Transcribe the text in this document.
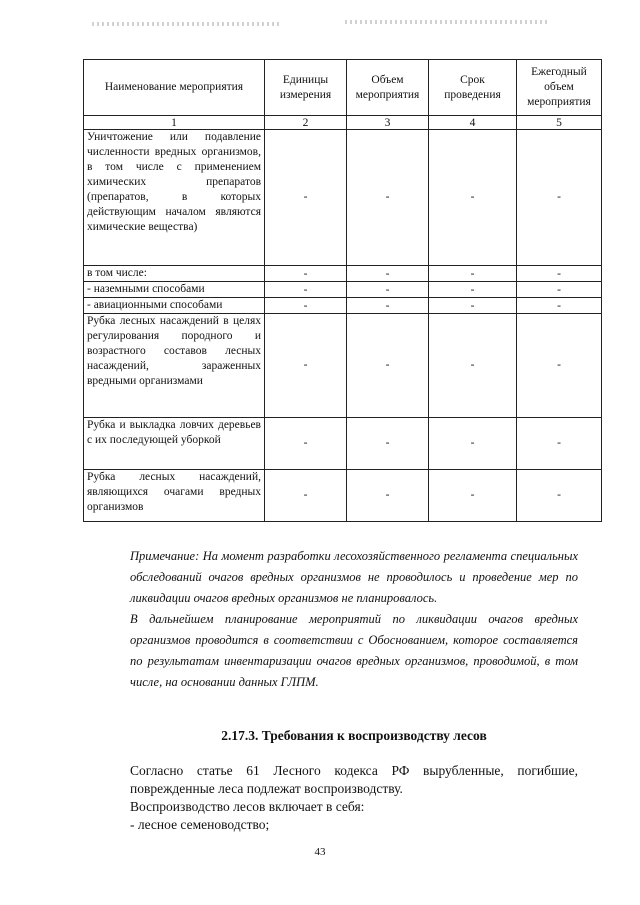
Наименование мероприятия	Единицы измерения	Объем мероприятия	Срок проведения	Ежегодный объем мероприятия
1	2	3	4	5
Уничтожение или подавление численности вредных организмов, в том числе с применением химических препаратов (препаратов, в которых действующим началом являются химические вещества)	-	-	-	-
в том числе:	-	-	-	-
- наземными способами	-	-	-	-
- авиационными способами	-	-	-	-
Рубка лесных насаждений в целях регулирования породного и возрастного составов лесных насаждений, зараженных вредными организмами	-	-	-	-
Рубка и выкладка ловчих деревьев с их последующей уборкой	-	-	-	-
Рубка лесных насаждений, являющихся очагами вредных организмов	-	-	-	-

Примечание: На момент разработки лесохозяйственного регламента специальных обследований очагов вредных организмов не проводилось и проведение мер по ликвидации очагов вредных организмов не планировалось.

В дальнейшем планирование мероприятий по ликвидации очагов вредных организмов проводится в соответствии с Обоснованием, которое составляется по результатам инвентаризации очагов вредных организмов, проводимой, в том числе, на основании данных ГЛПМ.

2.17.3. Требования к воспроизводству лесов

Согласно статье 61 Лесного кодекса РФ вырубленные, погибшие, поврежденные леса подлежат воспроизводству.

Воспроизводство лесов включает в себя:

- лесное семеноводство;

43
